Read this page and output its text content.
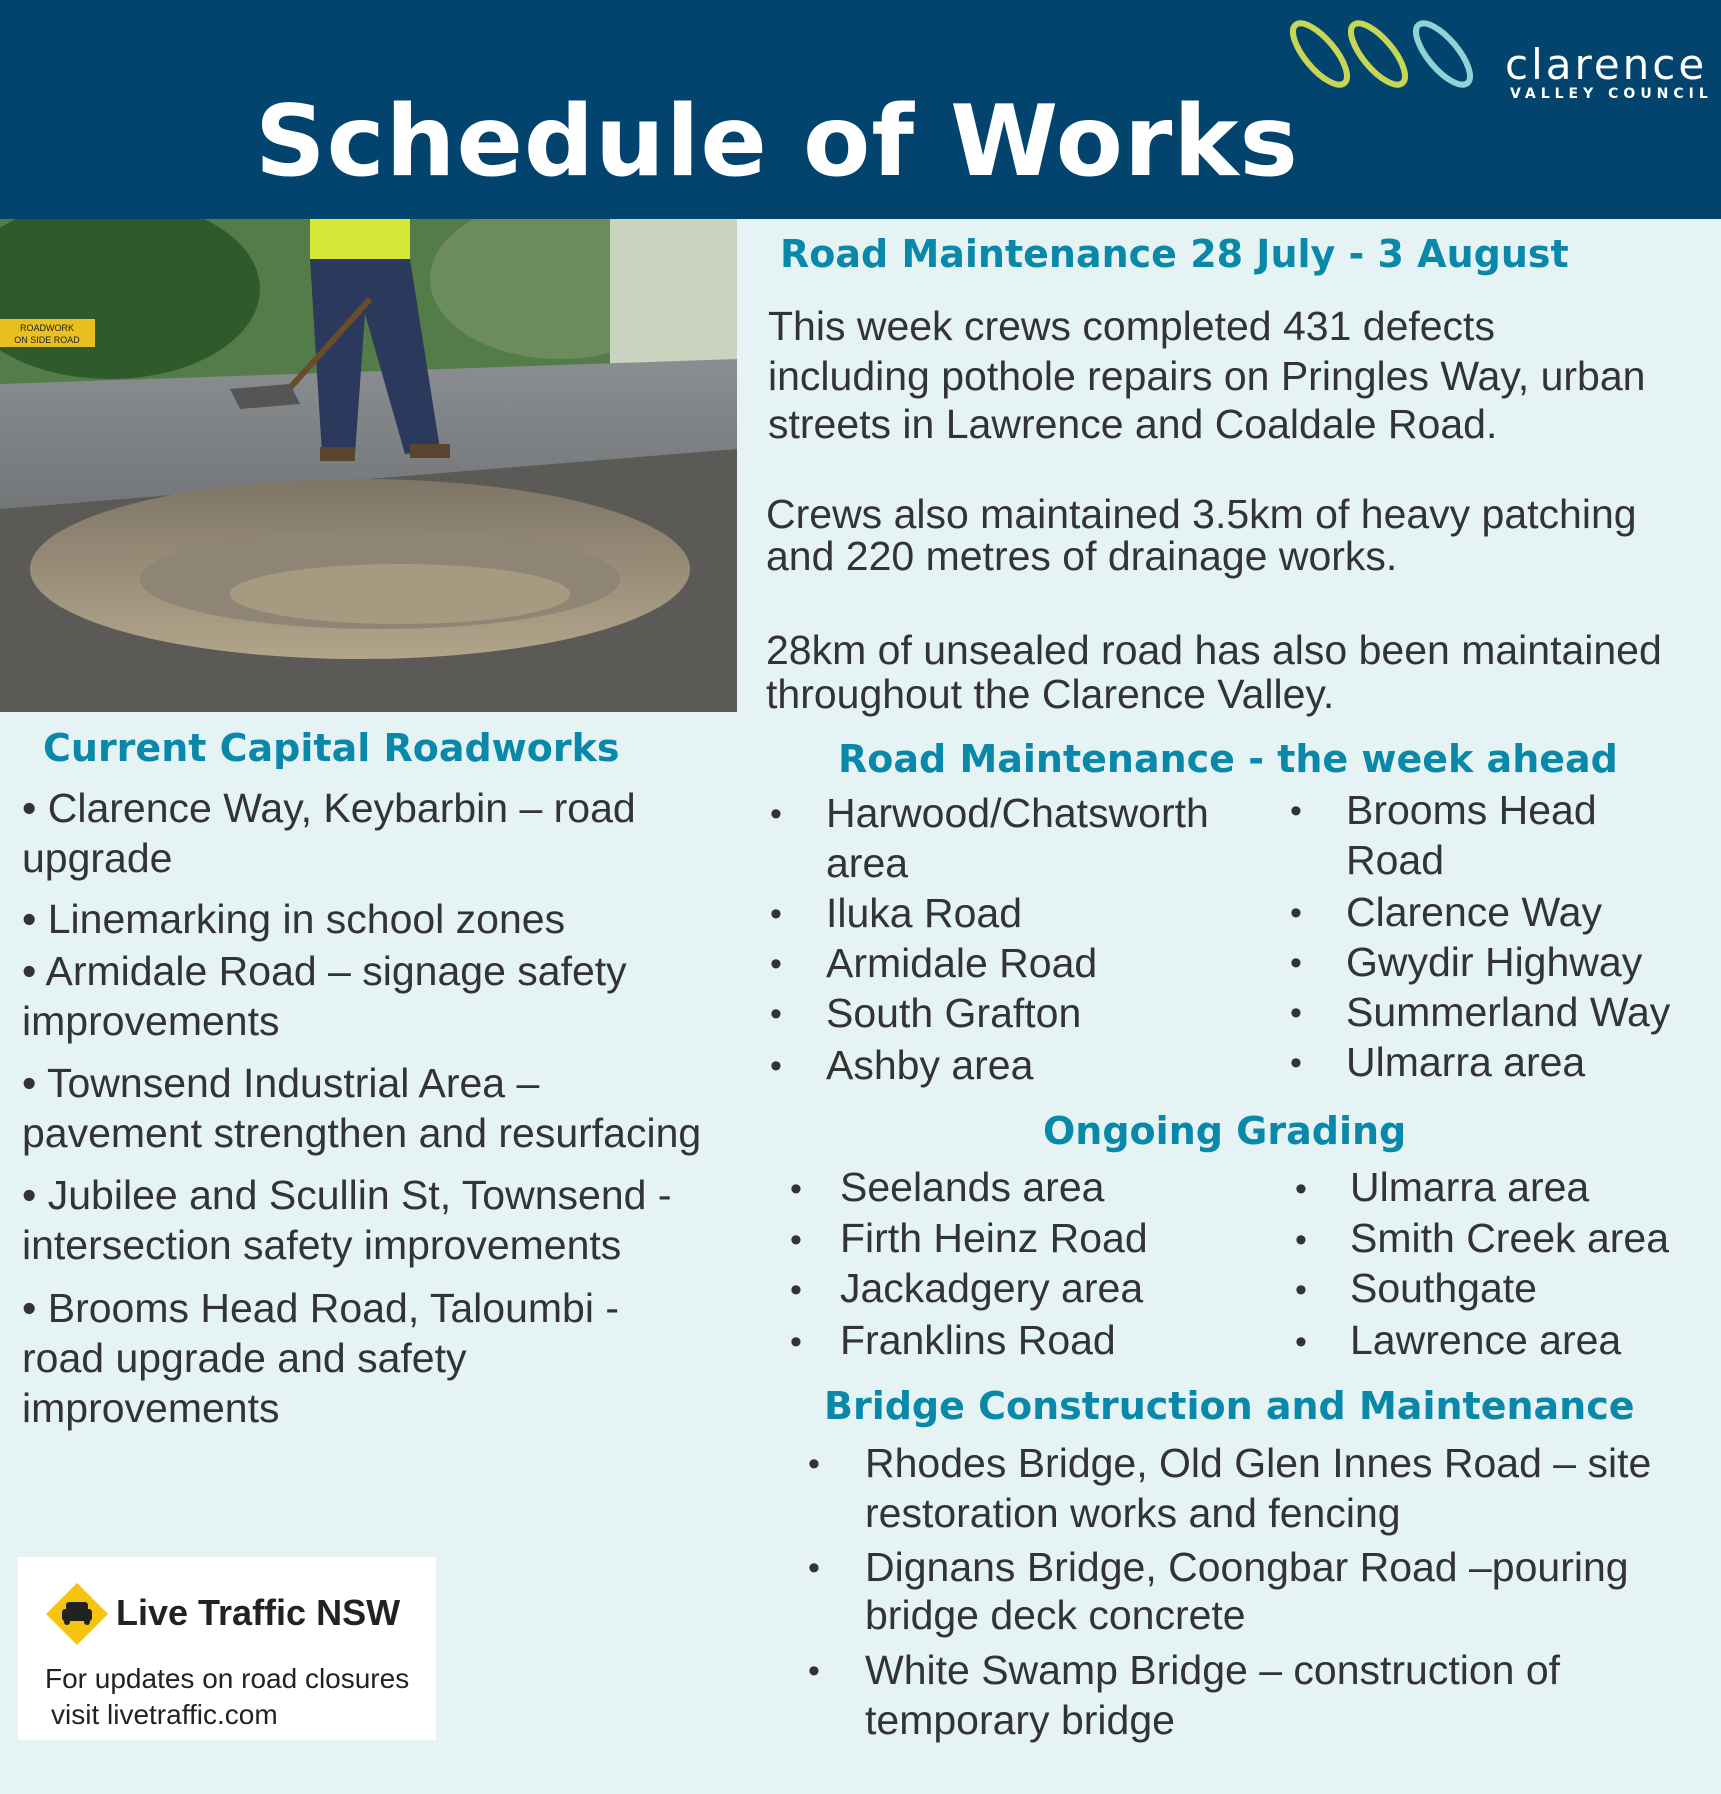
Schedule of Works
clarence
VALLEY COUNCIL
ROADWORK
ON SIDE ROAD
Road Maintenance 28 July - 3 August
This week crews completed 431 defects
including pothole repairs on Pringles Way, urban
streets in Lawrence and Coaldale Road.
Crews also maintained 3.5km of heavy patching
and 220 metres of drainage works.
28km of unsealed road has also been maintained
throughout the Clarence Valley.
Current Capital Roadworks
• Clarence Way, Keybarbin – road
upgrade
• Linemarking in school zones
• Armidale Road – signage safety
improvements
• Townsend Industrial Area –
pavement strengthen and resurfacing
• Jubilee and Scullin St, Townsend -
intersection safety improvements
• Brooms Head Road, Taloumbi -
road upgrade and safety
improvements
Road Maintenance - the week ahead
• Harwood/Chatsworth
area
• Iluka Road
• Armidale Road
• South Grafton
• Ashby area
• Brooms Head
Road
• Clarence Way
• Gwydir Highway
• Summerland Way
• Ulmarra area
Ongoing Grading
• Seelands area
• Firth Heinz Road
• Jackadgery area
• Franklins Road
• Ulmarra area
• Smith Creek area
• Southgate
• Lawrence area
Bridge Construction and Maintenance
• Rhodes Bridge, Old Glen Innes Road – site
restoration works and fencing
• Dignans Bridge, Coongbar Road –pouring
bridge deck concrete
• White Swamp Bridge – construction of
temporary bridge
Live Traffic NSW
For updates on road closures
visit livetraffic.com
